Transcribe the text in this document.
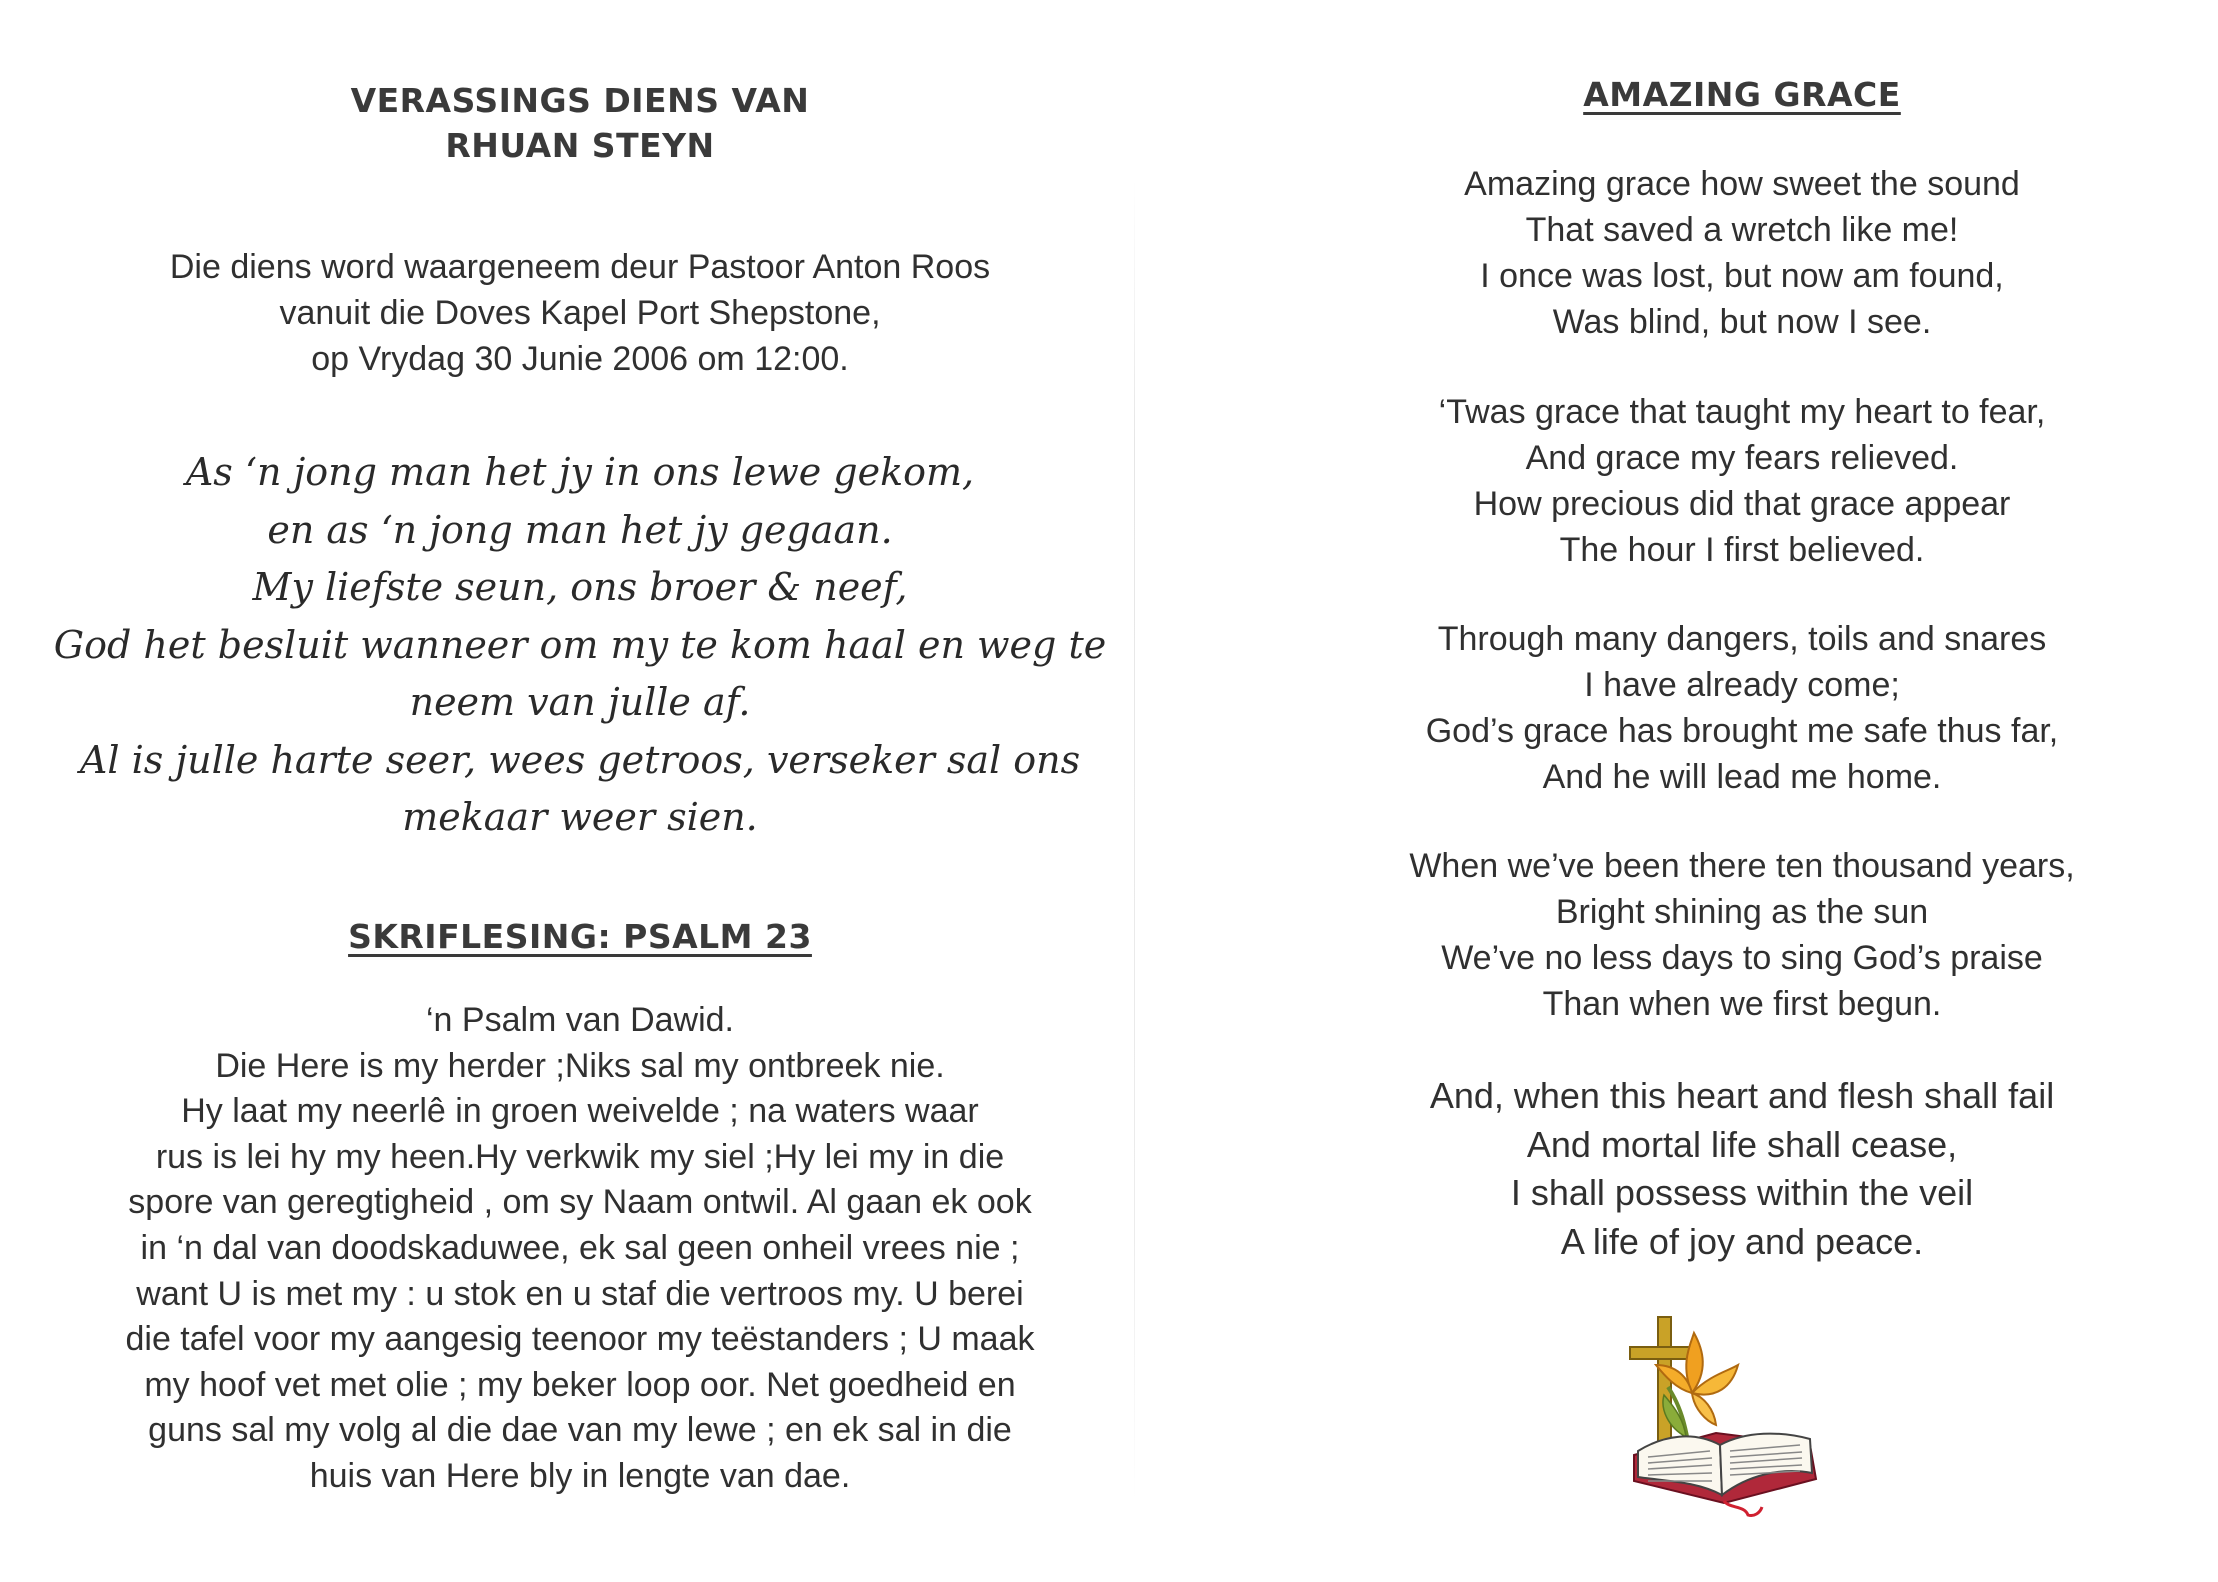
VERASSINGS DIENS VAN
RHUAN STEYN
Die diens word waargeneem deur Pastoor Anton Roos
vanuit die Doves Kapel Port Shepstone,
op Vrydag 30 Junie 2006 om 12:00.
As ‘n jong man het jy in ons lewe gekom,
en as ‘n jong man het jy gegaan.
My liefste seun, ons broer & neef,
God het besluit wanneer om my te kom haal en weg te
neem van julle af.
Al is julle harte seer, wees getroos, verseker sal ons
mekaar weer sien.
SKRIFLESING: PSALM 23
‘n Psalm van Dawid.
Die Here is my herder ;Niks sal my ontbreek nie.
Hy laat my neerlê in groen weivelde ; na waters waar
rus is lei hy my heen.Hy verkwik my siel ;Hy lei my in die
spore van geregtigheid , om sy Naam ontwil. Al gaan ek ook
in ‘n dal van doodskaduwee, ek sal geen onheil vrees nie ;
want U is met my : u stok en u staf die vertroos my. U berei
die tafel voor my aangesig teenoor my teëstanders ; U maak
my hoof vet met olie ; my beker loop oor. Net goedheid en
guns sal my volg al die dae van my lewe ; en ek sal in die
huis van Here bly in lengte van dae.
AMAZING GRACE
Amazing grace how sweet the sound
That saved a wretch like me!
I once was lost, but now am found,
Was blind, but now I see.
‘Twas grace that taught my heart to fear,
And grace my fears relieved.
How precious did that grace appear
The hour I first believed.
Through many dangers, toils and snares
I have already come;
God’s grace has brought me safe thus far,
And he will lead me home.
When we’ve been there ten thousand years,
Bright shining as the sun
We’ve no less days to sing God’s praise
Than when we first begun.
And, when this heart and flesh shall fail
And mortal life shall cease,
I shall possess within the veil
A life of joy and peace.
